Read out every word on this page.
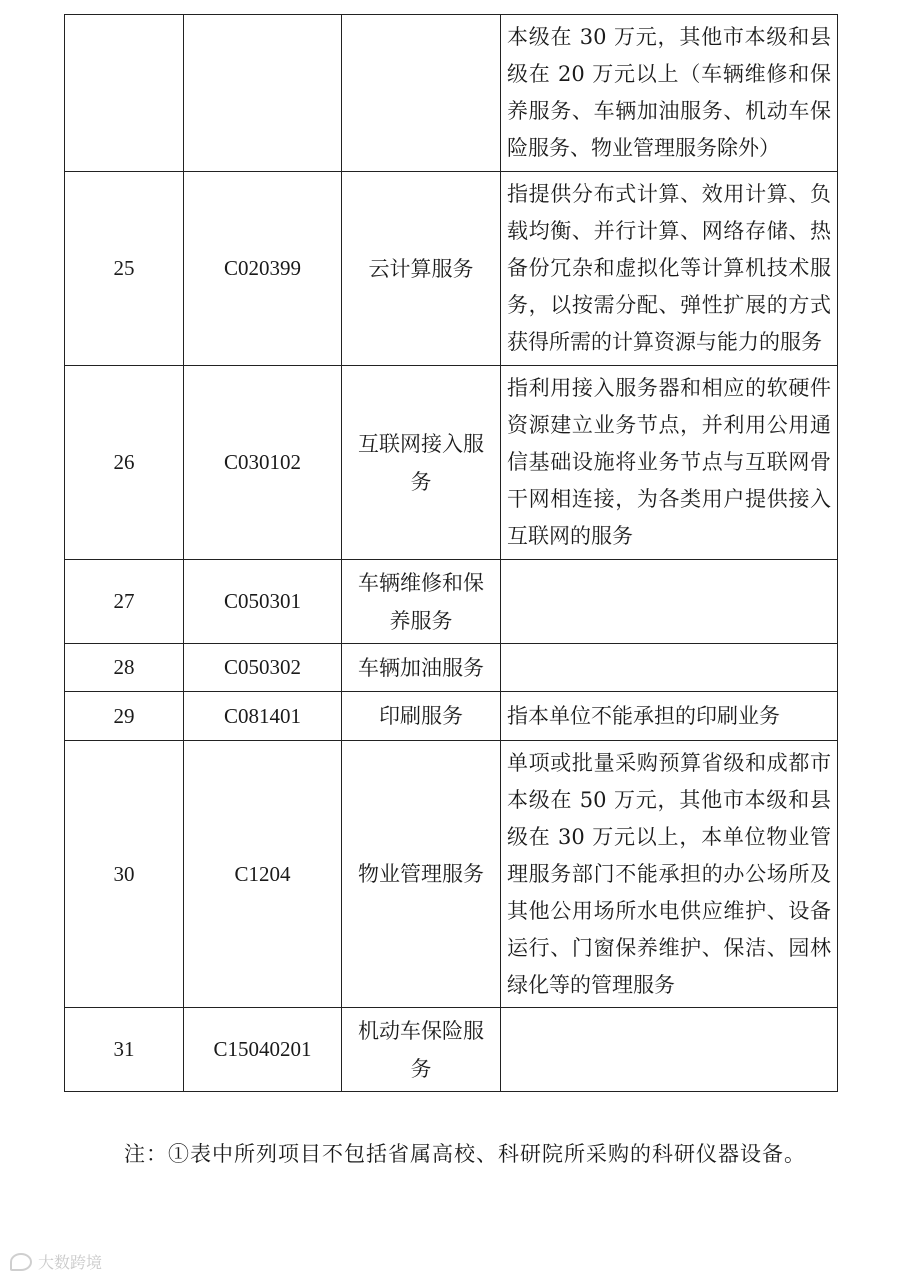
			本级在 30 万元，其他市本级和县级在 20 万元以上（车辆维修和保养服务、车辆加油服务、机动车保险服务、物业管理服务除外）
25	C020399	云计算服务	指提供分布式计算、效用计算、负载均衡、并行计算、网络存储、热备份冗杂和虚拟化等计算机技术服务，以按需分配、弹性扩展的方式获得所需的计算资源与能力的服务
26	C030102	互联网接入服务	指利用接入服务器和相应的软硬件资源建立业务节点，并利用公用通信基础设施将业务节点与互联网骨干网相连接，为各类用户提供接入互联网的服务
27	C050301	车辆维修和保养服务	
28	C050302	车辆加油服务	
29	C081401	印刷服务	指本单位不能承担的印刷业务
30	C1204	物业管理服务	单项或批量采购预算省级和成都市本级在 50 万元，其他市本级和县级在 30 万元以上，本单位物业管理服务部门不能承担的办公场所及其他公用场所水电供应维护、设备运行、门窗保养维护、保洁、园林绿化等的管理服务
31	C15040201	机动车保险服务	
注：①表中所列项目不包括省属高校、科研院所采购的科研仪器设备。
大数跨境
